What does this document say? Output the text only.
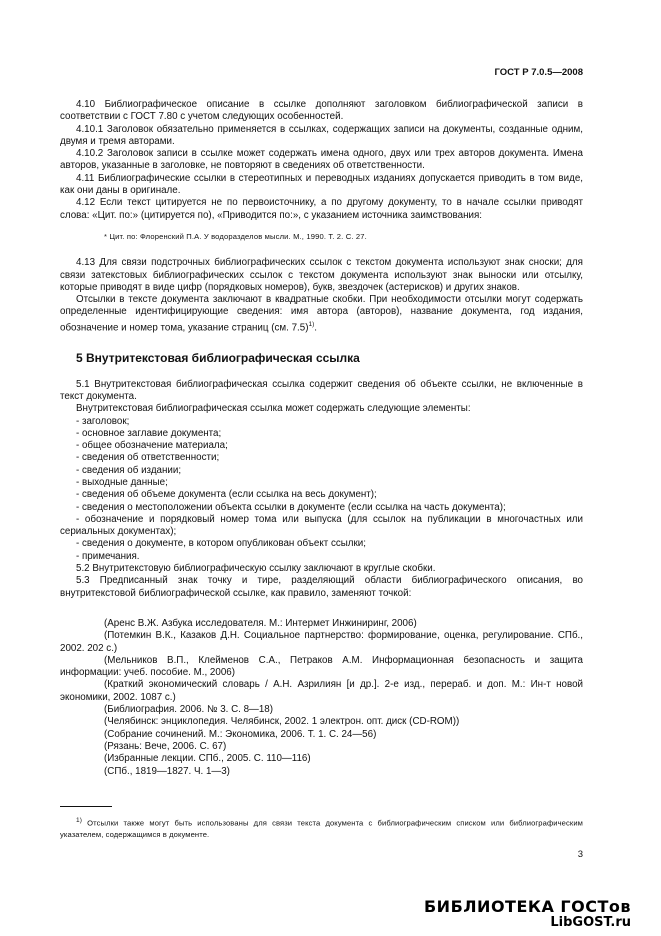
ГОСТ Р 7.0.5—2008

4.10 Библиографическое описание в ссылке дополняют заголовком библиографической записи в соответствии с ГОСТ 7.80 с учетом следующих особенностей.

4.10.1 Заголовок обязательно применяется в ссылках, содержащих записи на документы, созданные одним, двумя и тремя авторами.

4.10.2 Заголовок записи в ссылке может содержать имена одного, двух или трех авторов документа. Имена авторов, указанные в заголовке, не повторяют в сведениях об ответственности.

4.11 Библиографические ссылки в стереотипных и переводных изданиях допускается приводить в том виде, как они даны в оригинале.

4.12 Если текст цитируется не по первоисточнику, а по другому документу, то в начале ссылки приводят слова: «Цит. по:» (цитируется по), «Приводится по:», с указанием источника заимствования:

* Цит. по: Флоренский П.А. У водоразделов мысли. М., 1990. Т. 2. С. 27.

4.13 Для связи подстрочных библиографических ссылок с текстом документа используют знак сноски; для связи затекстовых библиографических ссылок с текстом документа используют знак выноски или отсылку, которые приводят в виде цифр (порядковых номеров), букв, звездочек (астерисков) и других знаков.

Отсылки в тексте документа заключают в квадратные скобки. При необходимости отсылки могут содержать определенные идентифицирующие сведения: имя автора (авторов), название документа, год издания, обозначение и номер тома, указание страниц (см. 7.5)$^{1)}$.

5 Внутритекстовая библиографическая ссылка

5.1 Внутритекстовая библиографическая ссылка содержит сведения об объекте ссылки, не включенные в текст документа.

Внутритекстовая библиографическая ссылка может содержать следующие элементы:

- заголовок;
- основное заглавие документа;
- общее обозначение материала;
- сведения об ответственности;
- сведения об издании;
- выходные данные;
- сведения об объеме документа (если ссылка на весь документ);
- сведения о местоположении объекта ссылки в документе (если ссылка на часть документа);
- обозначение и порядковый номер тома или выпуска (для ссылок на публикации в многочастных или сериальных документах);
- сведения о документе, в котором опубликован объект ссылки;
- примечания.

5.2 Внутритекстовую библиографическую ссылку заключают в круглые скобки.

5.3 Предписанный знак точку и тире, разделяющий области библиографического описания, во внутритекстовой библиографической ссылке, как правило, заменяют точкой:

(Аренс В.Ж. Азбука исследователя. М.: Интермет Инжиниринг, 2006)

(Потемкин В.К., Казаков Д.Н. Социальное партнерство: формирование, оценка, регулирование. СПб., 2002. 202 с.)

(Мельников В.П., Клейменов С.А., Петраков А.М. Информационная безопасность и защита информации: учеб. пособие. М., 2006)

(Краткий экономический словарь / А.Н. Азрилиян [и др.]. 2-е изд., перераб. и доп. М.: Ин-т новой экономики, 2002. 1087 с.)

(Библиография. 2006. № 3. С. 8—18)

(Челябинск: энциклопедия. Челябинск, 2002. 1 электрон. опт. диск (CD-ROM))

(Собрание сочинений. М.: Экономика, 2006. Т. 1. С. 24—56)

(Рязань: Вече, 2006. С. 67)

(Избранные лекции. СПб., 2005. С. 110—116)

(СПб., 1819—1827. Ч. 1—3)

$^{1)}$ Отсылки также могут быть использованы для связи текста документа с библиографическим списком или библиографическим указателем, содержащимся в документе.
3
БИБЛИОТЕКА ГОСТов
LibGOST.ru
